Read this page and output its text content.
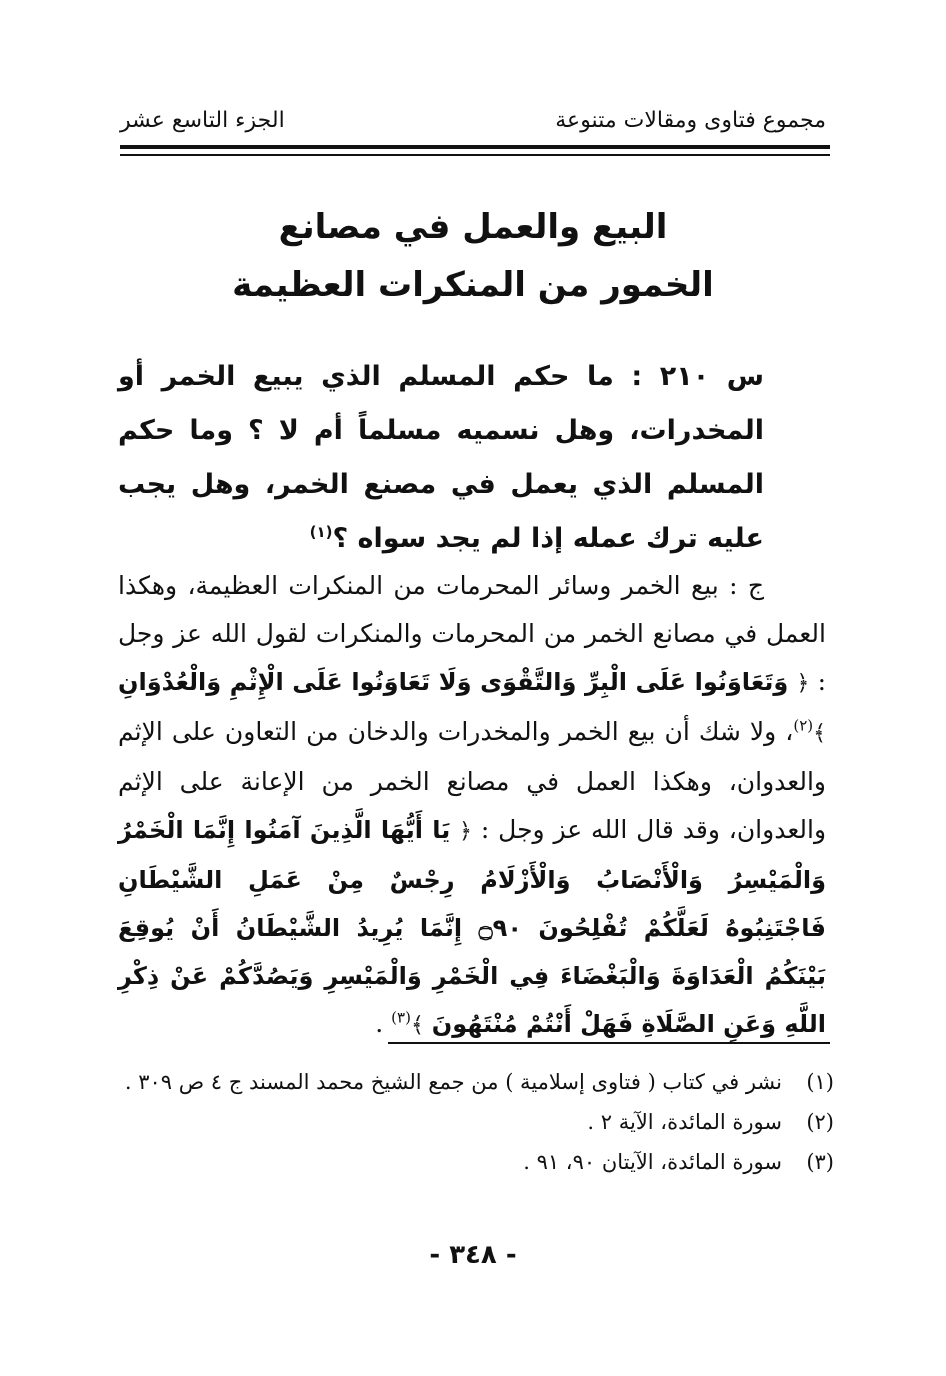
مجموع فتاوى ومقالات متنوعة
الجزء التاسع عشر
البيع والعمل في مصانع
الخمور من المنكرات العظيمة
س ٢١٠ : ما حكم المسلم الذي يبيع الخمر أو المخدرات، وهل نسميه مسلماً أم لا ؟ وما حكم المسلم الذي يعمل في مصنع الخمر، وهل يجب عليه ترك عمله إذا لم يجد سواه ؟$^{(١)}$
ج : بيع الخمر وسائر المحرمات من المنكرات العظيمة، وهكذا العمل في مصانع الخمر من المحرمات والمنكرات لقول الله عز وجل : ﴿ وَتَعَاوَنُوا عَلَى الْبِرِّ وَالتَّقْوَى وَلَا تَعَاوَنُوا عَلَى الْإِثْمِ وَالْعُدْوَانِ ﴾$^{(٢)}$، ولا شك أن بيع الخمر والمخدرات والدخان من التعاون على الإثم والعدوان، وهكذا العمل في مصانع الخمر من الإعانة على الإثم والعدوان، وقد قال الله عز وجل : ﴿ يَا أَيُّهَا الَّذِينَ آمَنُوا إِنَّمَا الْخَمْرُ وَالْمَيْسِرُ وَالْأَنْصَابُ وَالْأَزْلَامُ رِجْسٌ مِنْ عَمَلِ الشَّيْطَانِ فَاجْتَنِبُوهُ لَعَلَّكُمْ تُفْلِحُونَ ۝٩٠ إِنَّمَا يُرِيدُ الشَّيْطَانُ أَنْ يُوقِعَ بَيْنَكُمُ الْعَدَاوَةَ وَالْبَغْضَاءَ فِي الْخَمْرِ وَالْمَيْسِرِ وَيَصُدَّكُمْ عَنْ ذِكْرِ اللَّهِ وَعَنِ الصَّلَاةِ فَهَلْ أَنْتُمْ مُنْتَهُونَ ﴾$^{(٣)}$ .
(١)
نشر في كتاب ( فتاوى إسلامية ) من جمع الشيخ محمد المسند ج ٤ ص ٣٠٩ .
(٢)
سورة المائدة، الآية ٢ .
(٣)
سورة المائدة، الآيتان ٩٠، ٩١ .
- ٣٤٨ -
